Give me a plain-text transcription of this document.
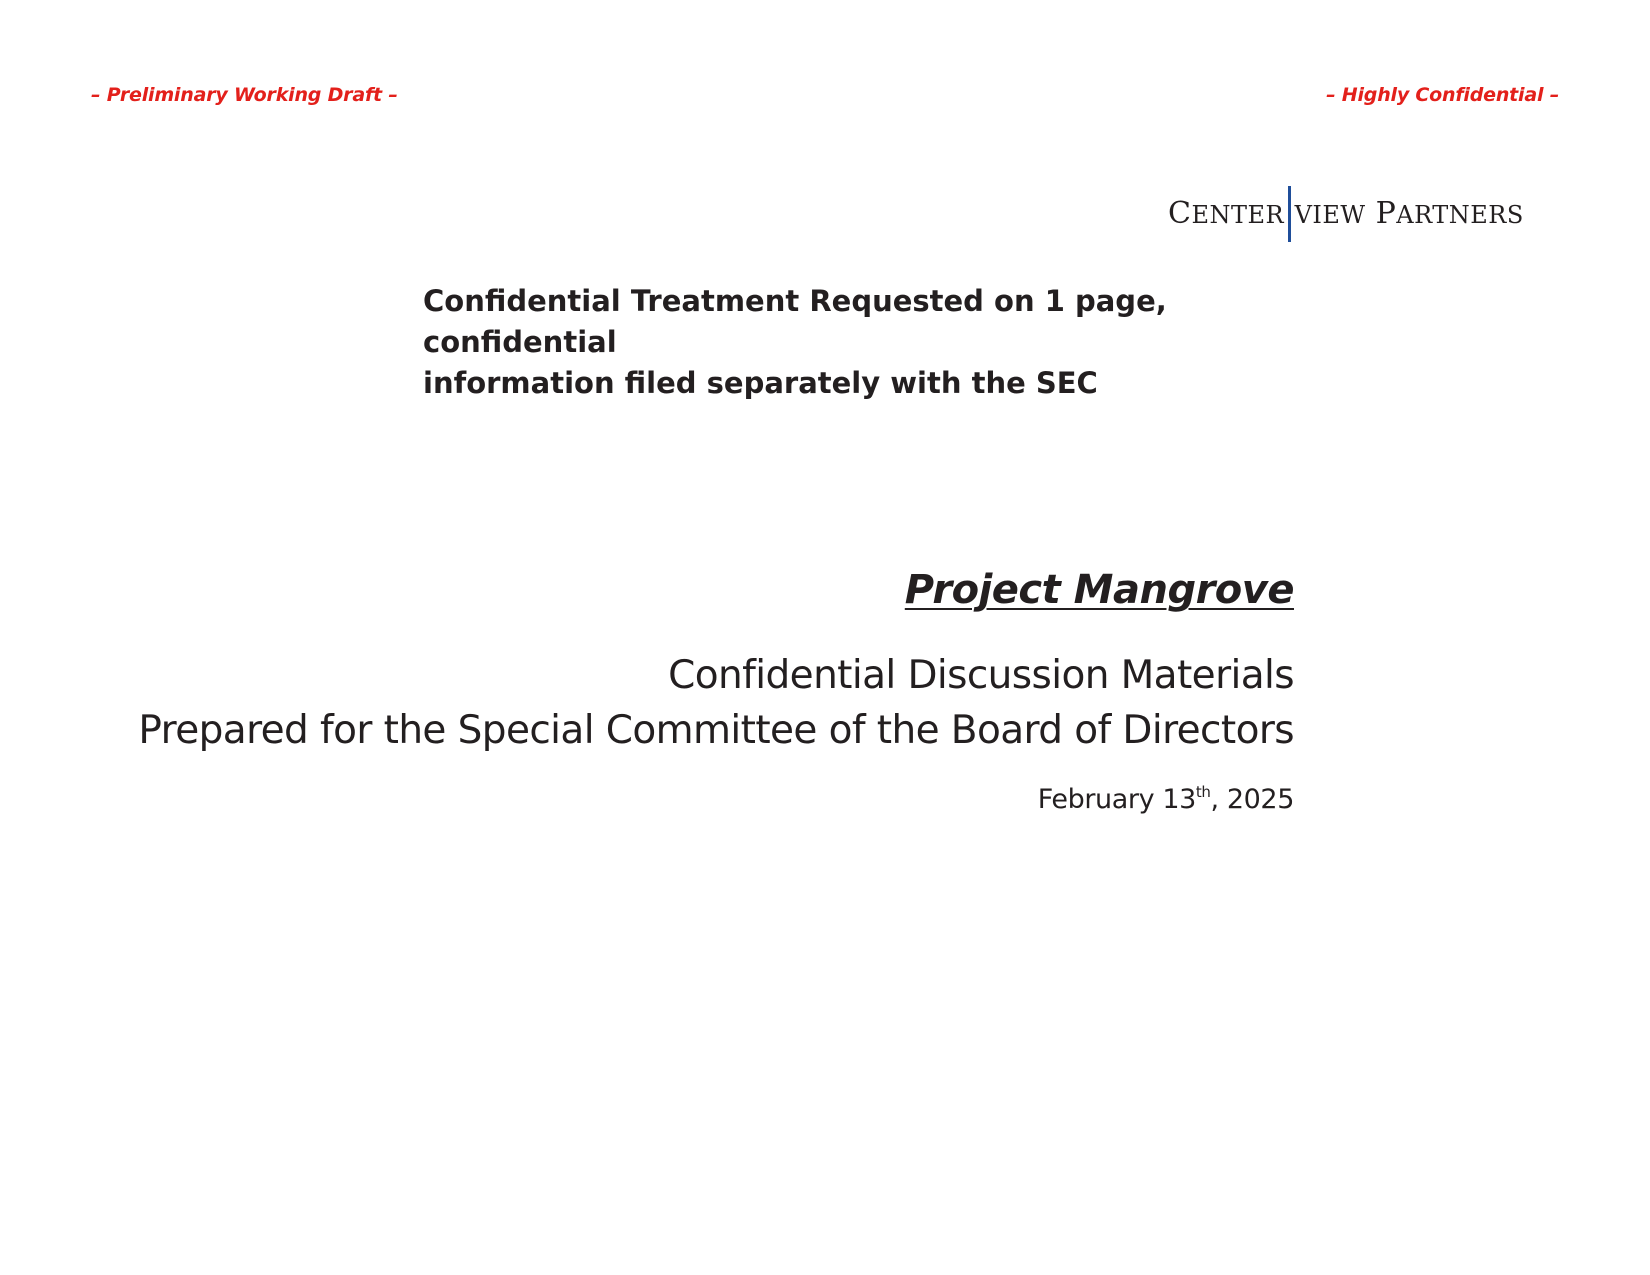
– Preliminary Working Draft –	– Highly Confidential –
CENTER VIEW PARTNERS
Confidential Treatment Requested on 1 page, confidential
information filed separately with the SEC
Project Mangrove
Confidential Discussion Materials
Prepared for the Special Committee of the Board of Directors
February 13th, 2025
